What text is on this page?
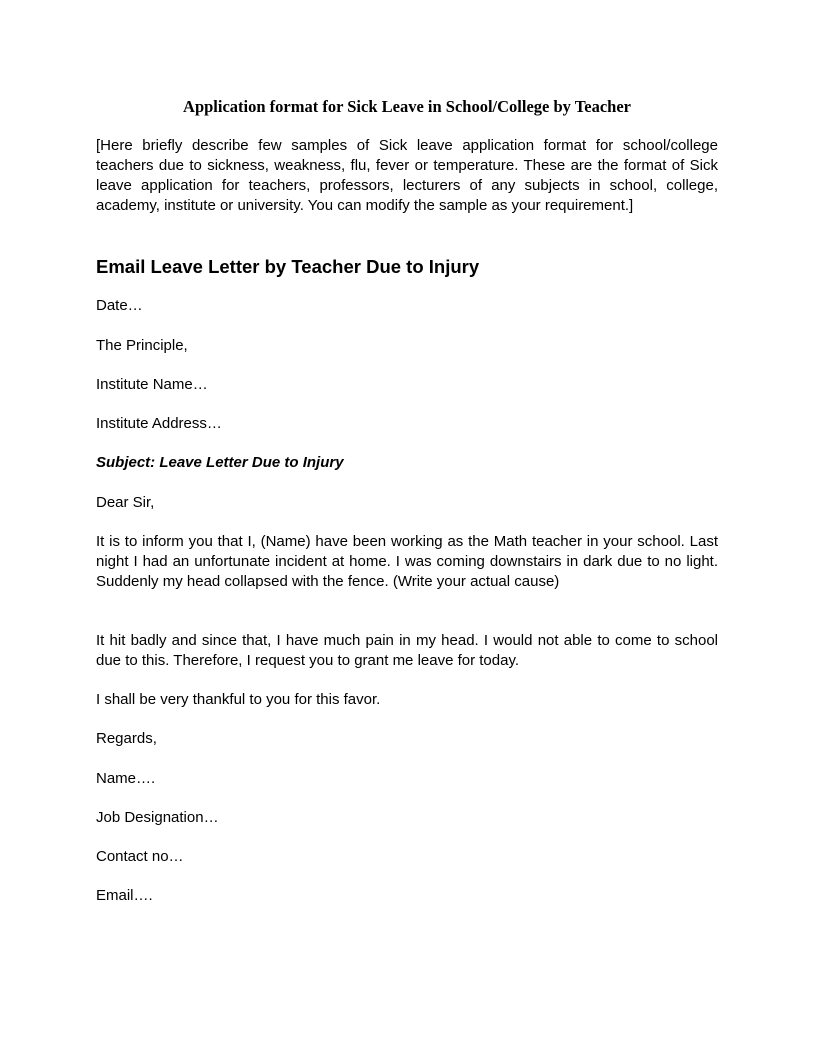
Application format for Sick Leave in School/College by Teacher

[Here briefly describe few samples of Sick leave application format for school/college teachers due to sickness, weakness, flu, fever or temperature. These are the format of Sick leave application for teachers, professors, lecturers of any subjects in school, college, academy, institute or university. You can modify the sample as your requirement.]

Email Leave Letter by Teacher Due to Injury

Date…

The Principle,

Institute Name…

Institute Address…

Subject: Leave Letter Due to Injury

Dear Sir,

It is to inform you that I, (Name) have been working as the Math teacher in your school. Last night I had an unfortunate incident at home. I was coming downstairs in dark due to no light. Suddenly my head collapsed with the fence. (Write your actual cause)

It hit badly and since that, I have much pain in my head. I would not able to come to school due to this. Therefore, I request you to grant me leave for today.

I shall be very thankful to you for this favor.

Regards,

Name….

Job Designation…

Contact no…

Email….
